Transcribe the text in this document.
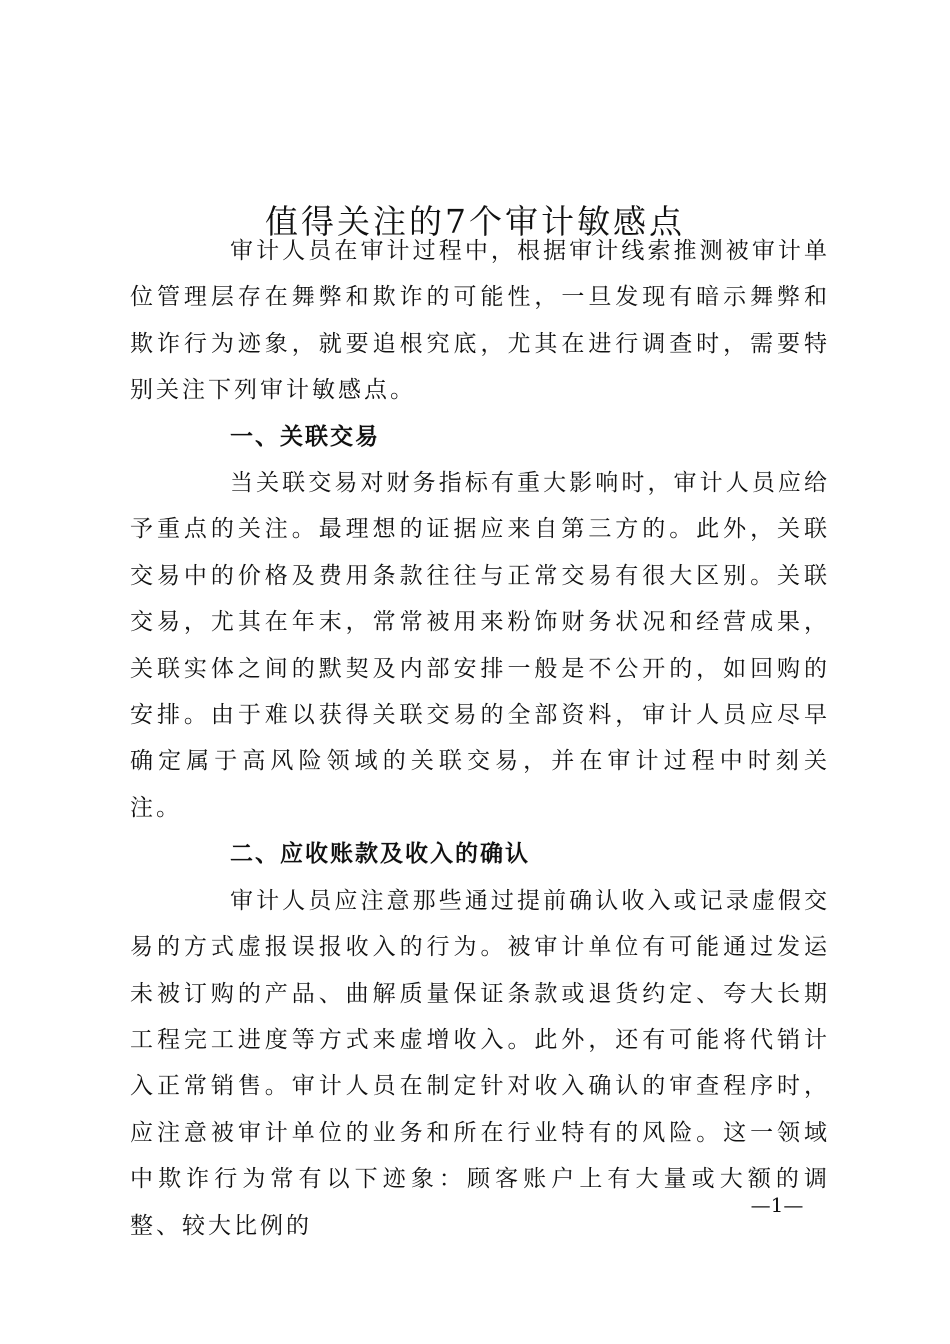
值得关注的7个审计敏感点

审计人员在审计过程中，根据审计线索推测被审计单位管理层存在舞弊和欺诈的可能性，一旦发现有暗示舞弊和欺诈行为迹象，就要追根究底，尤其在进行调查时，需要特别关注下列审计敏感点。

一、关联交易

当关联交易对财务指标有重大影响时，审计人员应给予重点的关注。最理想的证据应来自第三方的。此外，关联交易中的价格及费用条款往往与正常交易有很大区别。关联交易，尤其在年末，常常被用来粉饰财务状况和经营成果，关联实体之间的默契及内部安排一般是不公开的，如回购的安排。由于难以获得关联交易的全部资料，审计人员应尽早确定属于高风险领域的关联交易，并在审计过程中时刻关注。

二、应收账款及收入的确认

审计人员应注意那些通过提前确认收入或记录虚假交易的方式虚报误报收入的行为。被审计单位有可能通过发运未被订购的产品、曲解质量保证条款或退货约定、夸大长期工程完工进度等方式来虚增收入。此外，还有可能将代销计入正常销售。审计人员在制定针对收入确认的审查程序时，应注意被审计单位的业务和所在行业特有的风险。这一领域中欺诈行为常有以下迹象：顾客账户上有大量或大额的调整、较大比例的

—1—
